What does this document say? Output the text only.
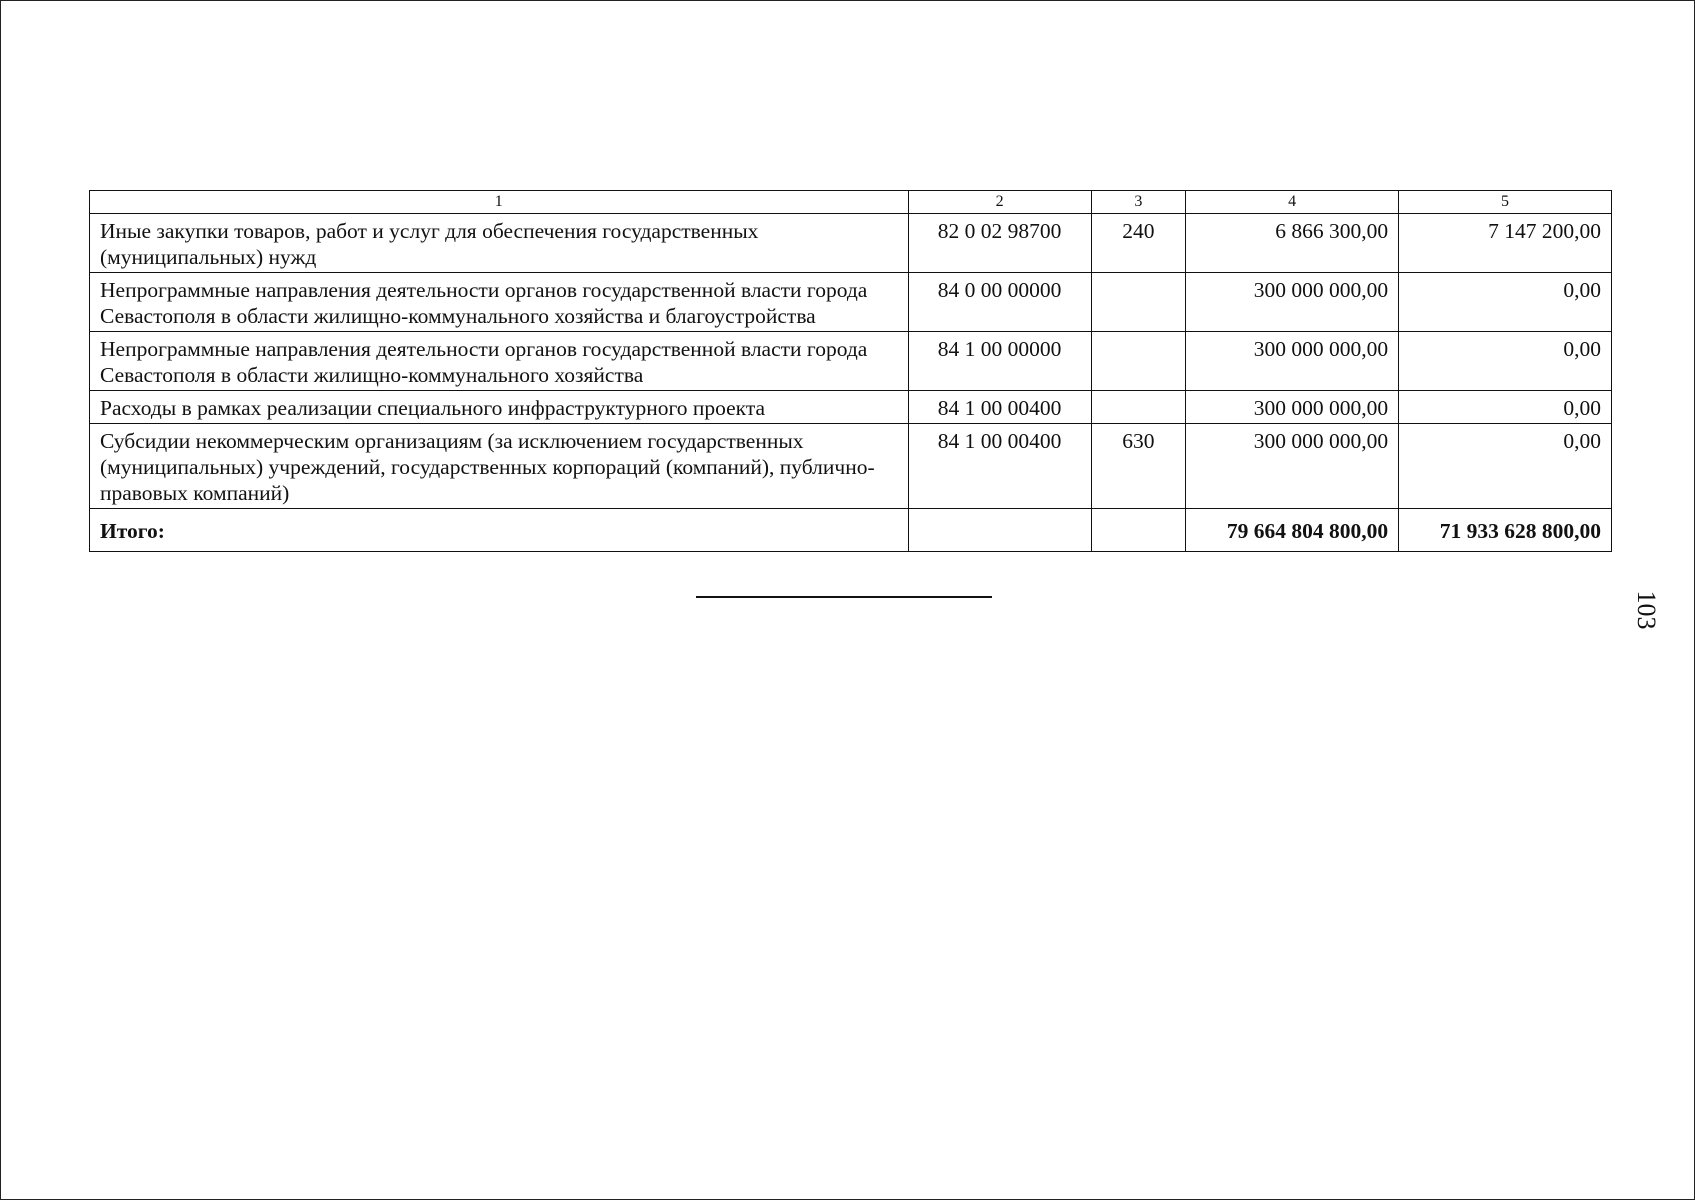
1	2	3	4	5
Иные закупки товаров, работ и услуг для обеспечения государственных (муниципальных) нужд	82 0 02 98700	240	6 866 300,00	7 147 200,00
Непрограммные направления деятельности органов государственной власти города Севастополя в области жилищно-коммунального хозяйства и благоустройства	84 0 00 00000		300 000 000,00	0,00
Непрограммные направления деятельности органов государственной власти города Севастополя в области жилищно-коммунального хозяйства	84 1 00 00000		300 000 000,00	0,00
Расходы в рамках реализации специального инфраструктурного проекта	84 1 00 00400		300 000 000,00	0,00
Субсидии некоммерческим организациям (за исключением государственных (муниципальных) учреждений, государственных корпораций (компаний), публично-правовых компаний)	84 1 00 00400	630	300 000 000,00	0,00
Итого:			79 664 804 800,00	71 933 628 800,00
103
